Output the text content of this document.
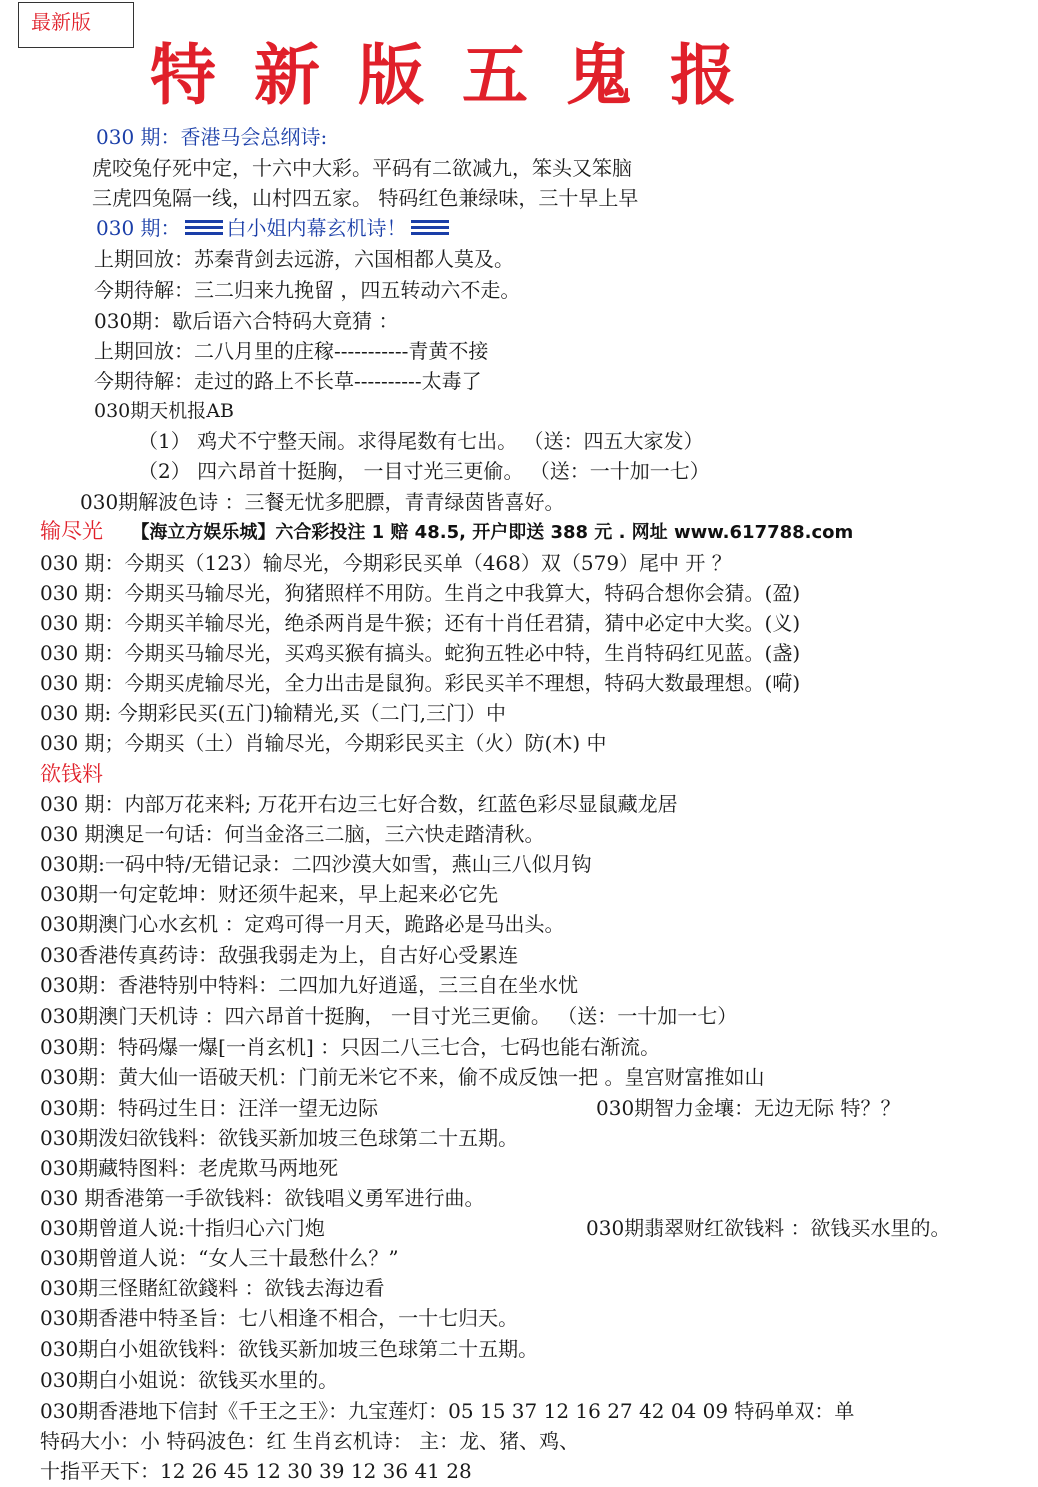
最新版
特新版五鬼报
030 期：香港马会总纲诗:
虎咬兔仔死中定，十六中大彩。平码有二欲减九，笨头又笨脑
三虎四兔隔一线，山村四五家。 特码红色兼绿味，三十早上早
030 期： 白小姐内幕玄机诗！
上期回放：苏秦背剑去远游，六国相都人莫及。
今期待解：三二归来九挽留 ，四五转动六不走。
030期：歇后语六合特码大竟猜 ：
上期回放：二八月里的庄稼-----------青黄不接
今期待解：走过的路上不长草----------太毒了
030期天机报AB
（1） 鸡犬不宁整天闹。求得尾数有七出。 （送：四五大家发）
（2） 四六昂首十挺胸， 一目寸光三更偷。 （送：一十加一七）
030期解波色诗 ：三餐无忧多肥膘，青青绿茵皆喜好。
输尽光 【海立方娱乐城】六合彩投注 1 赔 48.5, 开户即送 388 元 . 网址 www.617788.com
030 期：今期买（123）输尽光，今期彩民买单（468）双（579）尾中 开 ？
030 期：今期买马输尽光，狗猪照样不用防。生肖之中我算大，特码合想你会猜。(盈)
030 期：今期买羊输尽光，绝杀两肖是牛猴；还有十肖任君猜，猜中必定中大奖。(义)
030 期：今期买马输尽光，买鸡买猴有搞头。蛇狗五牲必中特，生肖特码红见蓝。(盏)
030 期：今期买虎输尽光，全力出击是鼠狗。彩民买羊不理想，特码大数最理想。(嗬)
030 期: 今期彩民买(五门)输精光,买（二门,三门）中
030 期；今期买（土）肖输尽光，今期彩民买主（火）防(木) 中
欲钱料
030 期：内部万花来料; 万花开右边三七好合数，红蓝色彩尽显鼠藏龙居
030 期澳足一句话：何当金洛三二脑，三六快走踏清秋。
030期:一码中特/无错记录：二四沙漠大如雪，燕山三八似月钩
030期一句定乾坤：财还须牛起来，早上起来必它先
030期澳门心水玄机 ：定鸡可得一月天，跪路必是马出头。
030香港传真药诗：敌强我弱走为上，自古好心受累连
030期：香港特别中特料：二四加九好逍遥，三三自在坐水忧
030期澳门天机诗 ：四六昂首十挺胸， 一目寸光三更偷。 （送：一十加一七）
030期：特码爆一爆[一肖玄机] ：只因二八三七合，七码也能右渐流。
030期：黄大仙一语破天机：门前无米它不来，偷不成反蚀一把 。皇宫财富推如山
030期：特码过生日：汪洋一望无边际	030期智力金壤：无边无际 特？？
030期泼妇欲钱料：欲钱买新加坡三色球第二十五期。
030期藏特图料：老虎欺马两地死
030 期香港第一手欲钱料：欲钱唱义勇军进行曲。
030期曾道人说:十指归心六门炮	030期翡翠财红欲钱料 ：欲钱买水里的。
030期曾道人说：“女人三十最愁什么？”
030期三怪賭紅欲錢料 ：欲钱去海边看
030期香港中特圣旨：七八相逢不相合，一十七归天。
030期白小姐欲钱料：欲钱买新加坡三色球第二十五期。
030期白小姐说：欲钱买水里的。
030期香港地下信封《千王之王》：九宝莲灯：05 15 37 12 16 27 42 04 09 特码单双：单
特码大小：小 特码波色：红 生肖玄机诗： 主：龙、猪、鸡、
十指平天下：12 26 45 12 30 39 12 36 41 28
